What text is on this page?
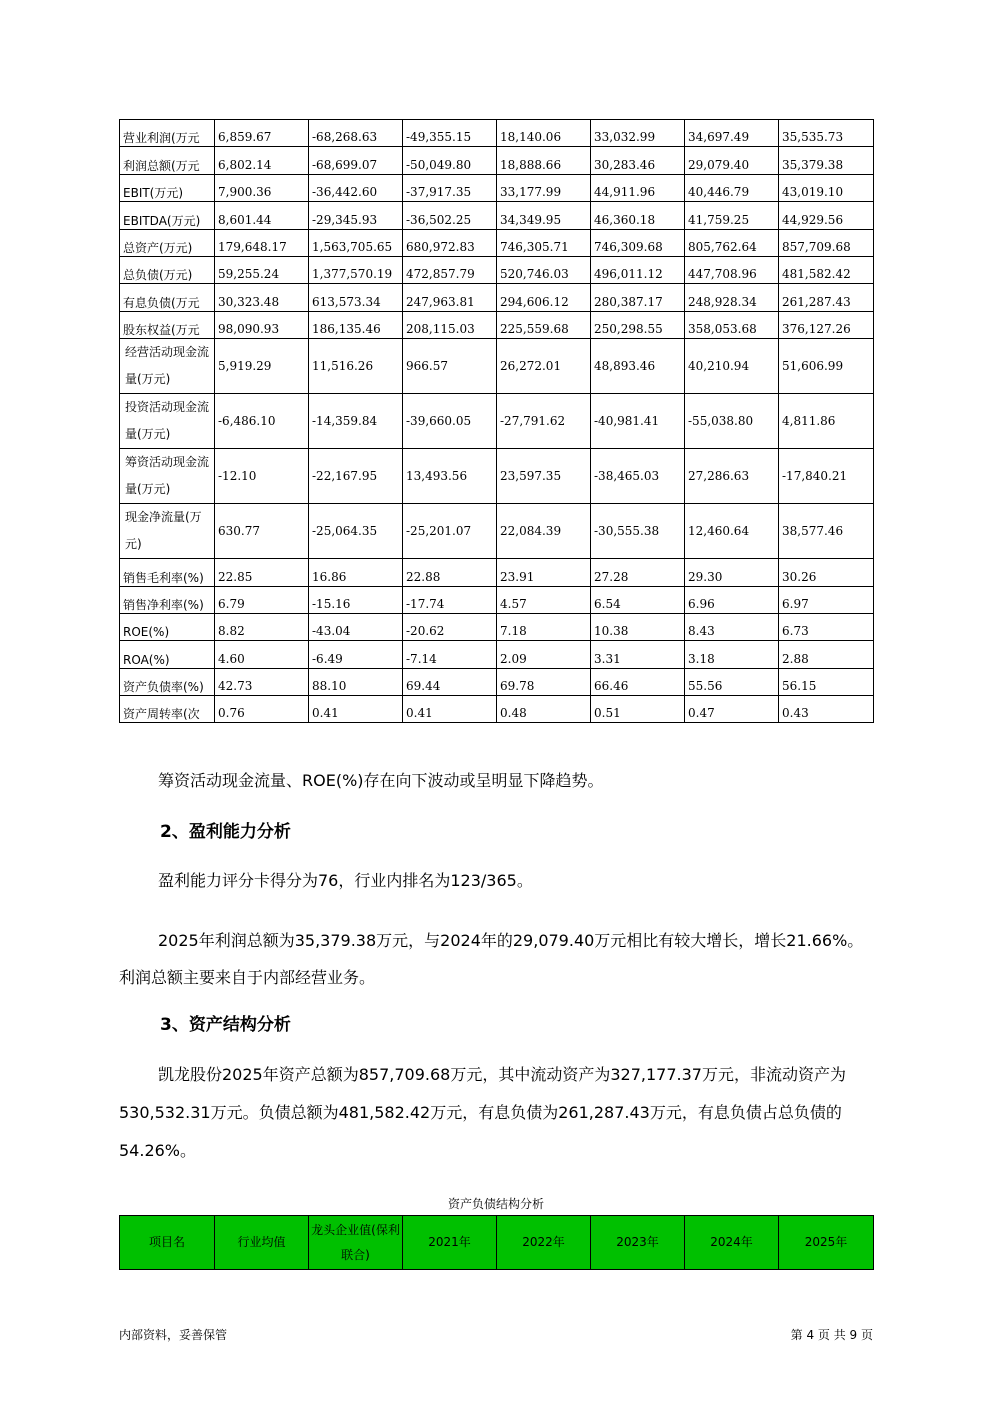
营业利润(万元	6,859.67	-68,268.63	-49,355.15	18,140.06	33,032.99	34,697.49	35,535.73
利润总额(万元	6,802.14	-68,699.07	-50,049.80	18,888.66	30,283.46	29,079.40	35,379.38
EBIT(万元)	7,900.36	-36,442.60	-37,917.35	33,177.99	44,911.96	40,446.79	43,019.10
EBITDA(万元)	8,601.44	-29,345.93	-36,502.25	34,349.95	46,360.18	41,759.25	44,929.56
总资产(万元)	179,648.17	1,563,705.65	680,972.83	746,305.71	746,309.68	805,762.64	857,709.68
总负债(万元)	59,255.24	1,377,570.19	472,857.79	520,746.03	496,011.12	447,708.96	481,582.42
有息负债(万元	30,323.48	613,573.34	247,963.81	294,606.12	280,387.17	248,928.34	261,287.43
股东权益(万元	98,090.93	186,135.46	208,115.03	225,559.68	250,298.55	358,053.68	376,127.26
经营活动现金流量(万元)	5,919.29	11,516.26	966.57	26,272.01	48,893.46	40,210.94	51,606.99
投资活动现金流量(万元)	-6,486.10	-14,359.84	-39,660.05	-27,791.62	-40,981.41	-55,038.80	4,811.86
筹资活动现金流量(万元)	-12.10	-22,167.95	13,493.56	23,597.35	-38,465.03	27,286.63	-17,840.21
现金净流量(万元)	630.77	-25,064.35	-25,201.07	22,084.39	-30,555.38	12,460.64	38,577.46
销售毛利率(%)	22.85	16.86	22.88	23.91	27.28	29.30	30.26
销售净利率(%)	6.79	-15.16	-17.74	4.57	6.54	6.96	6.97
ROE(%)	8.82	-43.04	-20.62	7.18	10.38	8.43	6.73
ROA(%)	4.60	-6.49	-7.14	2.09	3.31	3.18	2.88
资产负债率(%)	42.73	88.10	69.44	69.78	66.46	55.56	56.15
资产周转率(次	0.76	0.41	0.41	0.48	0.51	0.47	0.43
筹资活动现金流量、ROE(%)存在向下波动或呈明显下降趋势。
2、盈利能力分析
盈利能力评分卡得分为76，行业内排名为123/365。
2025年利润总额为35,379.38万元，与2024年的29,079.40万元相比有较大增长，增长21.66%。利润总额主要来自于内部经营业务。
3、资产结构分析
凯龙股份2025年资产总额为857,709.68万元，其中流动资产为327,177.37万元，非流动资产为530,532.31万元。负债总额为481,582.42万元，有息负债为261,287.43万元，有息负债占总负债的54.26%。
资产负债结构分析
项目名	行业均值	龙头企业值(保利联合)	2021年	2022年	2023年	2024年	2025年
内部资料，妥善保管	第 4 页 共 9 页
